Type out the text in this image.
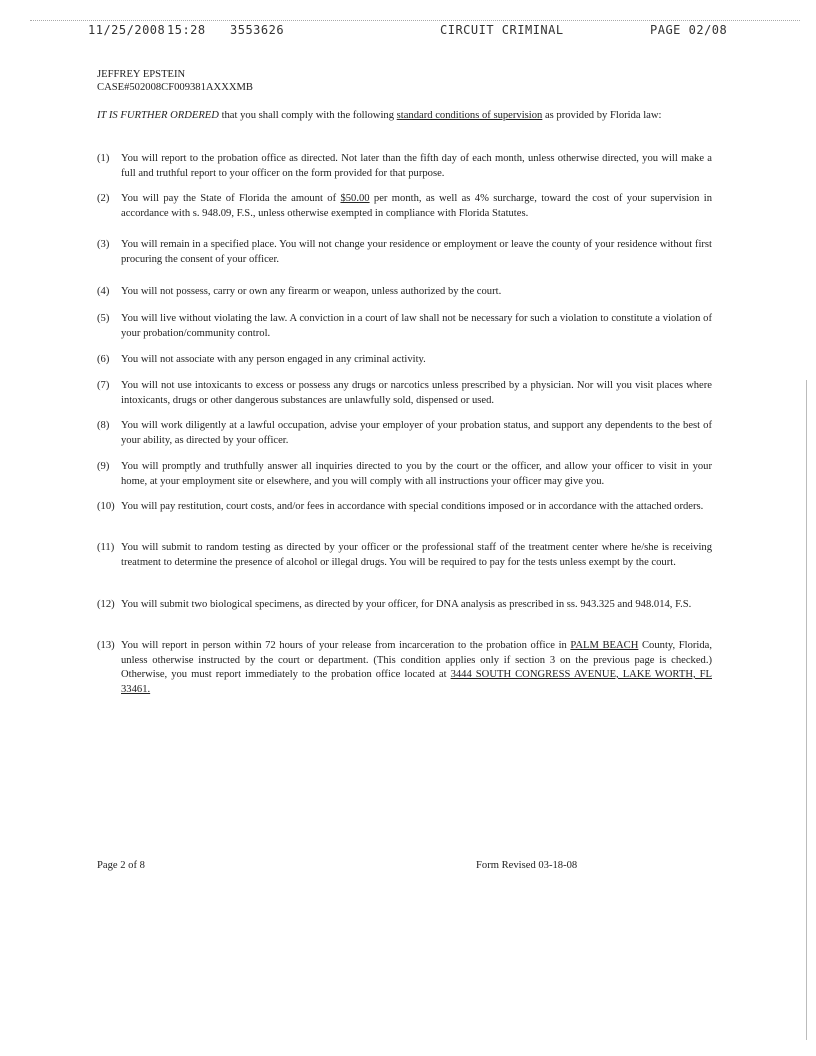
11/25/2008 15:28 3553626	CIRCUIT CRIMINAL	PAGE 02/08
JEFFREY EPSTEIN
CASE#502008CF009381AXXXMB
IT IS FURTHER ORDERED that you shall comply with the following standard conditions of supervision as provided by Florida law:
(1) You will report to the probation office as directed. Not later than the fifth day of each month, unless otherwise directed, you will make a full and truthful report to your officer on the form provided for that purpose.
(2) You will pay the State of Florida the amount of $50.00 per month, as well as 4% surcharge, toward the cost of your supervision in accordance with s. 948.09, F.S., unless otherwise exempted in compliance with Florida Statutes.
(3) You will remain in a specified place. You will not change your residence or employment or leave the county of your residence without first procuring the consent of your officer.
(4) You will not possess, carry or own any firearm or weapon, unless authorized by the court.
(5) You will live without violating the law. A conviction in a court of law shall not be necessary for such a violation to constitute a violation of your probation/community control.
(6) You will not associate with any person engaged in any criminal activity.
(7) You will not use intoxicants to excess or possess any drugs or narcotics unless prescribed by a physician. Nor will you visit places where intoxicants, drugs or other dangerous substances are unlawfully sold, dispensed or used.
(8) You will work diligently at a lawful occupation, advise your employer of your probation status, and support any dependents to the best of your ability, as directed by your officer.
(9) You will promptly and truthfully answer all inquiries directed to you by the court or the officer, and allow your officer to visit in your home, at your employment site or elsewhere, and you will comply with all instructions your officer may give you.
(10) You will pay restitution, court costs, and/or fees in accordance with special conditions imposed or in accordance with the attached orders.
(11) You will submit to random testing as directed by your officer or the professional staff of the treatment center where he/she is receiving treatment to determine the presence of alcohol or illegal drugs. You will be required to pay for the tests unless exempt by the court.
(12) You will submit two biological specimens, as directed by your officer, for DNA analysis as prescribed in ss. 943.325 and 948.014, F.S.
(13) You will report in person within 72 hours of your release from incarceration to the probation office in PALM BEACH County, Florida, unless otherwise instructed by the court or department. (This condition applies only if section 3 on the previous page is checked.) Otherwise, you must report immediately to the probation office located at 3444 SOUTH CONGRESS AVENUE, LAKE WORTH, FL 33461.
Page 2 of 8	Form Revised 03-18-08
